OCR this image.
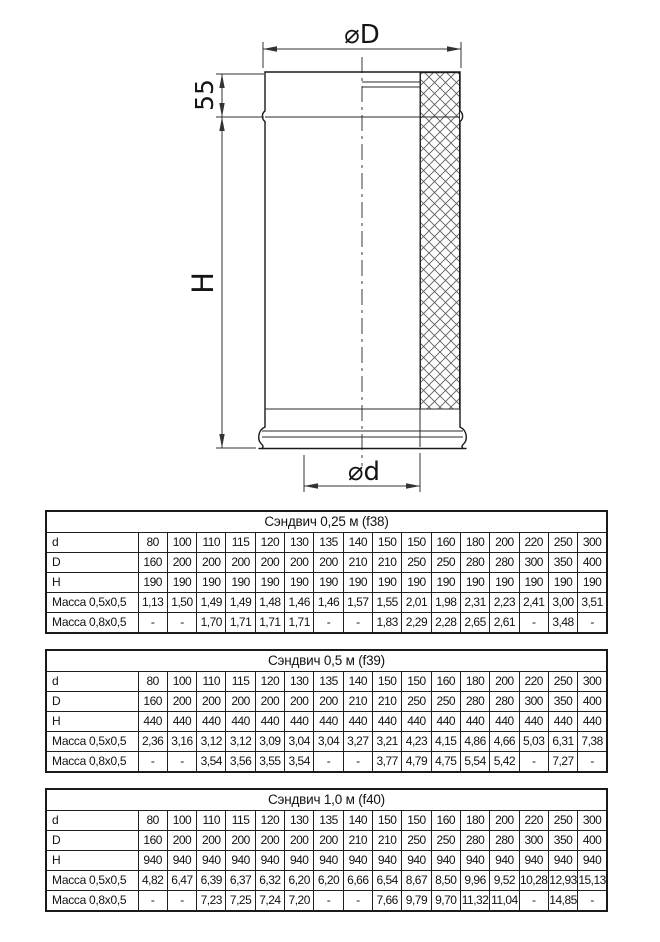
⌀D
55
H
⌀d
Сэндвич 0,25 м (f38)																
d	80	100	110	115	120	130	135	140	150	150	160	180	200	220	250	300
D	160	200	200	200	200	200	200	210	210	250	250	280	280	300	350	400
H	190	190	190	190	190	190	190	190	190	190	190	190	190	190	190	190
Масса 0,5x0,5	1,13	1,50	1,49	1,49	1,48	1,46	1,46	1,57	1,55	2,01	1,98	2,31	2,23	2,41	3,00	3,51
Масса 0,8x0,5	-	-	1,70	1,71	1,71	1,71	-	-	1,83	2,29	2,28	2,65	2,61	-	3,48	-
Сэндвич 0,5 м (f39)																
d	80	100	110	115	120	130	135	140	150	150	160	180	200	220	250	300
D	160	200	200	200	200	200	200	210	210	250	250	280	280	300	350	400
H	440	440	440	440	440	440	440	440	440	440	440	440	440	440	440	440
Масса 0,5x0,5	2,36	3,16	3,12	3,12	3,09	3,04	3,04	3,27	3,21	4,23	4,15	4,86	4,66	5,03	6,31	7,38
Масса 0,8x0,5	-	-	3,54	3,56	3,55	3,54	-	-	3,77	4,79	4,75	5,54	5,42	-	7,27	-
Сэндвич 1,0 м (f40)																
d	80	100	110	115	120	130	135	140	150	150	160	180	200	220	250	300
D	160	200	200	200	200	200	200	210	210	250	250	280	280	300	350	400
H	940	940	940	940	940	940	940	940	940	940	940	940	940	940	940	940
Масса 0,5x0,5	4,82	6,47	6,39	6,37	6,32	6,20	6,20	6,66	6,54	8,67	8,50	9,96	9,52	10,28	12,93	15,13
Масса 0,8x0,5	-	-	7,23	7,25	7,24	7,20	-	-	7,66	9,79	9,70	11,32	11,04	-	14,85	-
